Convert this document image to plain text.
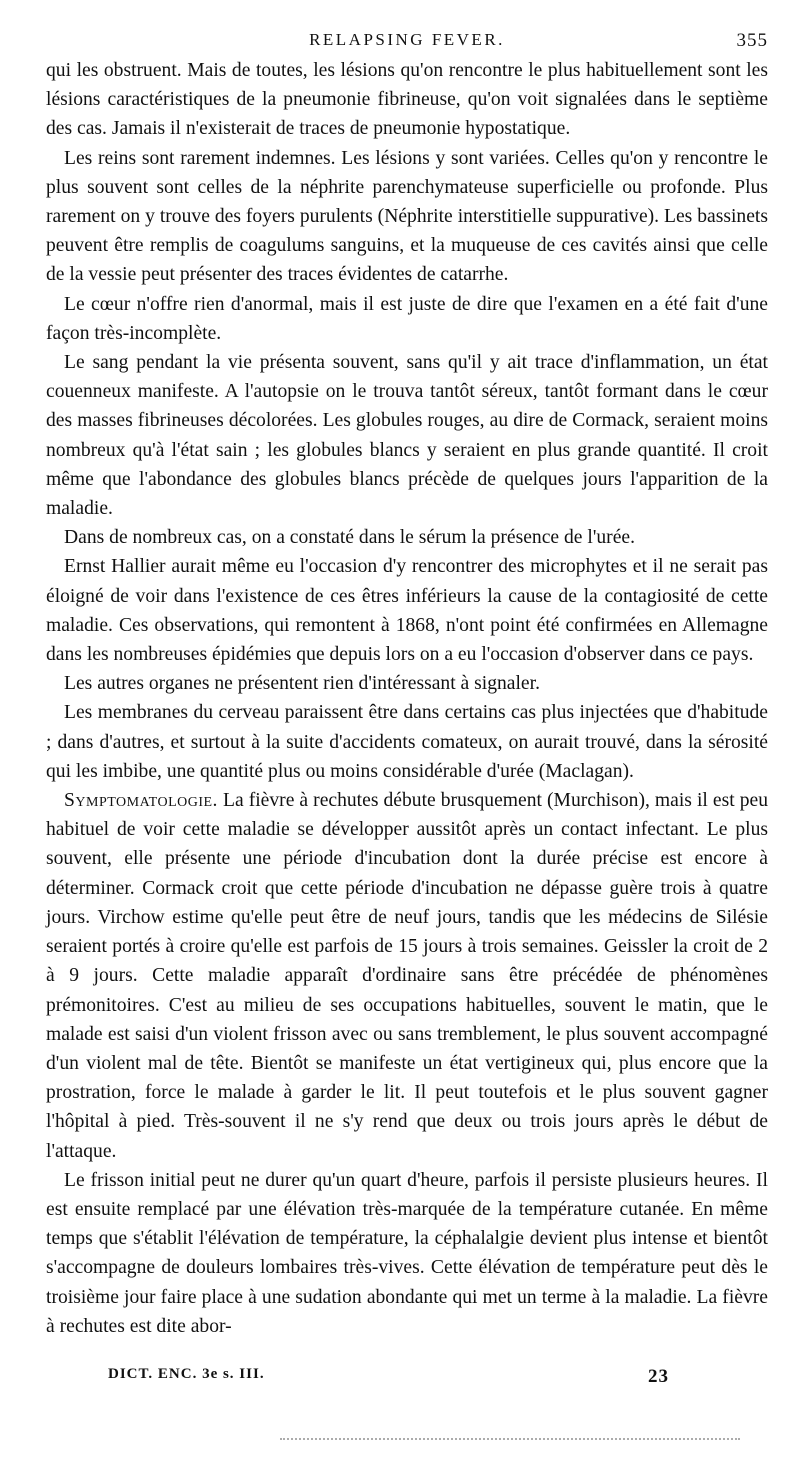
RELAPSING FEVER.	355

qui les obstruent. Mais de toutes, les lésions qu'on rencontre le plus habituellement sont les lésions caractéristiques de la pneumonie fibrineuse, qu'on voit signalées dans le septième des cas. Jamais il n'existerait de traces de pneumonie hypostatique.

Les reins sont rarement indemnes. Les lésions y sont variées. Celles qu'on y rencontre le plus souvent sont celles de la néphrite parenchymateuse superficielle ou profonde. Plus rarement on y trouve des foyers purulents (Néphrite interstitielle suppurative). Les bassinets peuvent être remplis de coagulums sanguins, et la muqueuse de ces cavités ainsi que celle de la vessie peut présenter des traces évidentes de catarrhe.

Le cœur n'offre rien d'anormal, mais il est juste de dire que l'examen en a été fait d'une façon très-incomplète.

Le sang pendant la vie présenta souvent, sans qu'il y ait trace d'inflammation, un état couenneux manifeste. A l'autopsie on le trouva tantôt séreux, tantôt formant dans le cœur des masses fibrineuses décolorées. Les globules rouges, au dire de Cormack, seraient moins nombreux qu'à l'état sain ; les globules blancs y seraient en plus grande quantité. Il croit même que l'abondance des globules blancs précède de quelques jours l'apparition de la maladie.

Dans de nombreux cas, on a constaté dans le sérum la présence de l'urée.

Ernst Hallier aurait même eu l'occasion d'y rencontrer des microphytes et il ne serait pas éloigné de voir dans l'existence de ces êtres inférieurs la cause de la contagiosité de cette maladie. Ces observations, qui remontent à 1868, n'ont point été confirmées en Allemagne dans les nombreuses épidémies que depuis lors on a eu l'occasion d'observer dans ce pays.

Les autres organes ne présentent rien d'intéressant à signaler.

Les membranes du cerveau paraissent être dans certains cas plus injectées que d'habitude ; dans d'autres, et surtout à la suite d'accidents comateux, on aurait trouvé, dans la sérosité qui les imbibe, une quantité plus ou moins considérable d'urée (Maclagan).

Symptomatologie. La fièvre à rechutes débute brusquement (Murchison), mais il est peu habituel de voir cette maladie se développer aussitôt après un contact infectant. Le plus souvent, elle présente une période d'incubation dont la durée précise est encore à déterminer. Cormack croit que cette période d'incubation ne dépasse guère trois à quatre jours. Virchow estime qu'elle peut être de neuf jours, tandis que les médecins de Silésie seraient portés à croire qu'elle est parfois de 15 jours à trois semaines. Geissler la croit de 2 à 9 jours. Cette maladie apparaît d'ordinaire sans être précédée de phénomènes prémonitoires. C'est au milieu de ses occupations habituelles, souvent le matin, que le malade est saisi d'un violent frisson avec ou sans tremblement, le plus souvent accompagné d'un violent mal de tête. Bientôt se manifeste un état vertigineux qui, plus encore que la prostration, force le malade à garder le lit. Il peut toutefois et le plus souvent gagner l'hôpital à pied. Très-souvent il ne s'y rend que deux ou trois jours après le début de l'attaque.

Le frisson initial peut ne durer qu'un quart d'heure, parfois il persiste plusieurs heures. Il est ensuite remplacé par une élévation très-marquée de la température cutanée. En même temps que s'établit l'élévation de température, la céphalalgie devient plus intense et bientôt s'accompagne de douleurs lombaires très-vives. Cette élévation de température peut dès le troisième jour faire place à une sudation abondante qui met un terme à la maladie. La fièvre à rechutes est dite abor-

DICT. ENC. 3e s. III.	23
